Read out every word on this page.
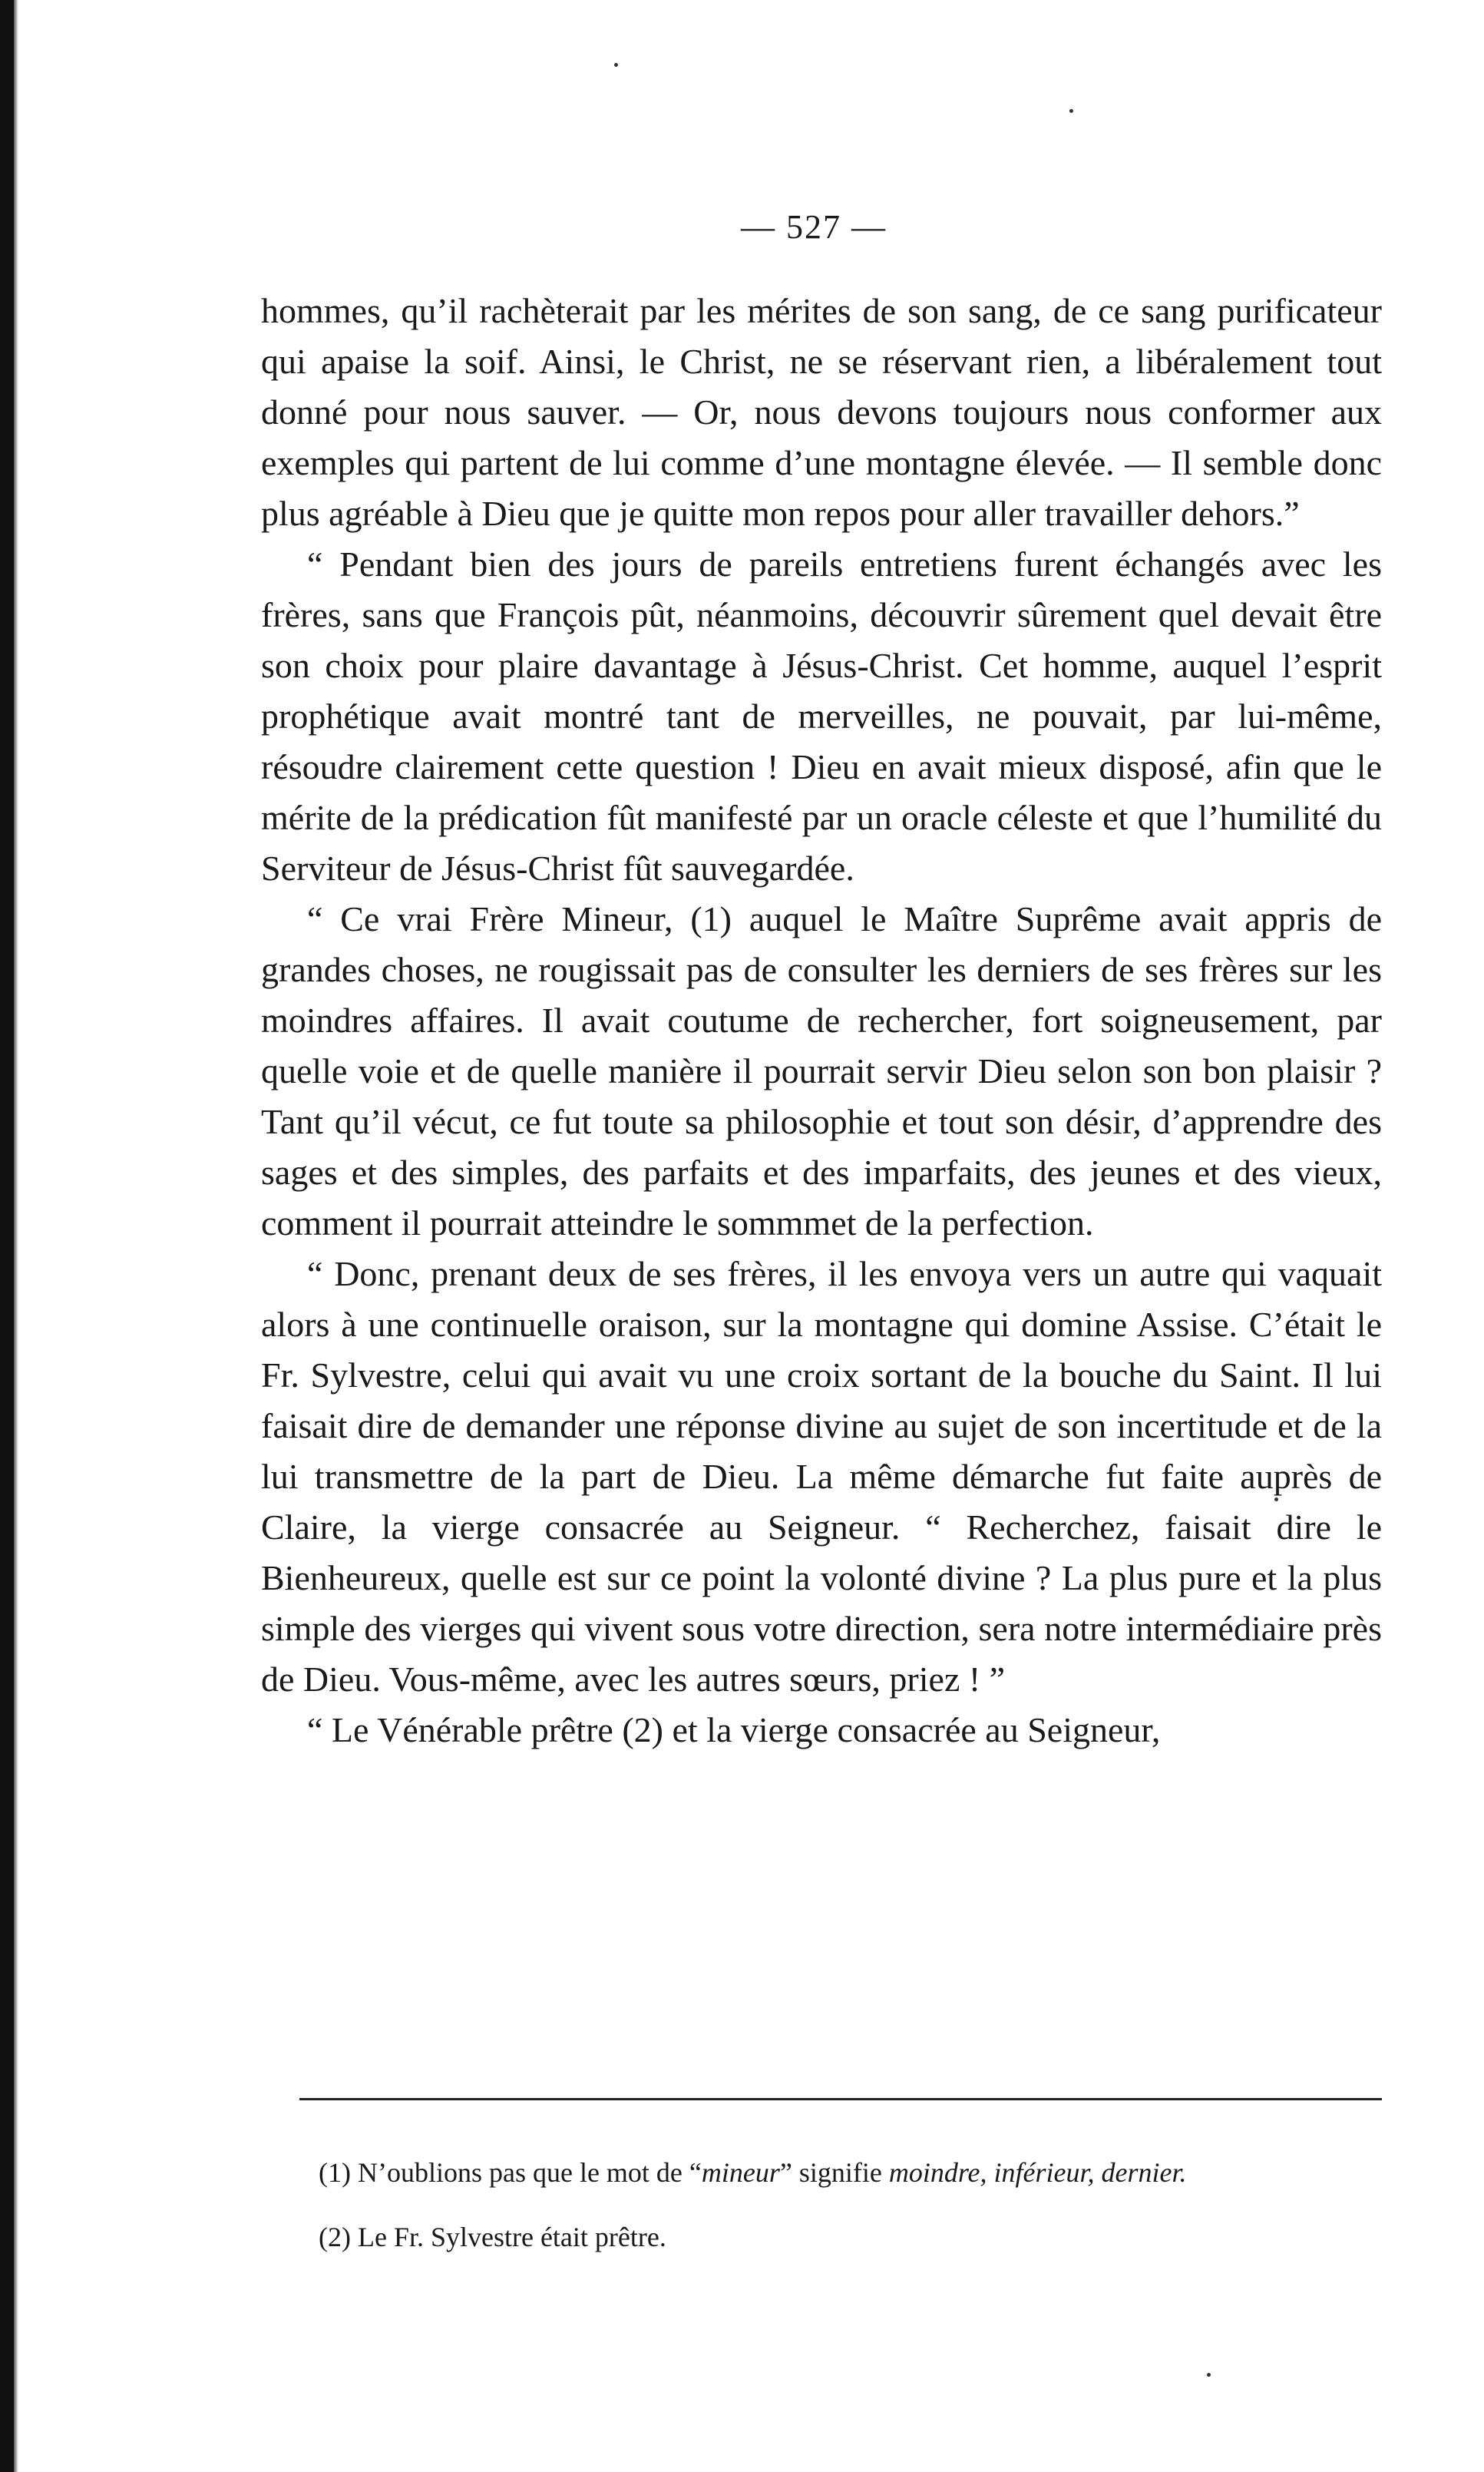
— 527 —

hommes, qu’il rachèterait par les mérites de son sang, de ce sang purificateur qui apaise la soif. Ainsi, le Christ, ne se réservant rien, a libéralement tout donné pour nous sauver. — Or, nous devons toujours nous conformer aux exemples qui partent de lui comme d’une montagne élevée. — Il semble donc plus agréable à Dieu que je quitte mon repos pour aller travailler dehors.”

“ Pendant bien des jours de pareils entretiens furent échangés avec les frères, sans que François pût, néanmoins, découvrir sûrement quel devait être son choix pour plaire davantage à Jésus-Christ. Cet homme, auquel l’esprit prophétique avait montré tant de merveilles, ne pouvait, par lui-même, résoudre clairement cette question ! Dieu en avait mieux disposé, afin que le mérite de la prédication fût manifesté par un oracle céleste et que l’humilité du Serviteur de Jésus-Christ fût sauvegardée.

“ Ce vrai Frère Mineur, (1) auquel le Maître Suprême avait appris de grandes choses, ne rougissait pas de consulter les derniers de ses frères sur les moindres affaires. Il avait coutume de rechercher, fort soigneusement, par quelle voie et de quelle manière il pourrait servir Dieu selon son bon plaisir ? Tant qu’il vécut, ce fut toute sa philosophie et tout son désir, d’apprendre des sages et des simples, des parfaits et des imparfaits, des jeunes et des vieux, comment il pourrait atteindre le sommmet de la perfection.

“ Donc, prenant deux de ses frères, il les envoya vers un autre qui vaquait alors à une continuelle oraison, sur la montagne qui domine Assise. C’était le Fr. Sylvestre, celui qui avait vu une croix sortant de la bouche du Saint. Il lui faisait dire de demander une réponse divine au sujet de son incertitude et de la lui transmettre de la part de Dieu. La même démarche fut faite auprès de Claire, la vierge consacrée au Seigneur. “ Recherchez, faisait dire le Bienheureux, quelle est sur ce point la volonté divine ? La plus pure et la plus simple des vierges qui vivent sous votre direction, sera notre intermédiaire près de Dieu. Vous-même, avec les autres sœurs, priez ! ”

“ Le Vénérable prêtre (2) et la vierge consacrée au Seigneur,

(1) N’oublions pas que le mot de “mineur” signifie moindre, inférieur, dernier.

(2) Le Fr. Sylvestre était prêtre.
